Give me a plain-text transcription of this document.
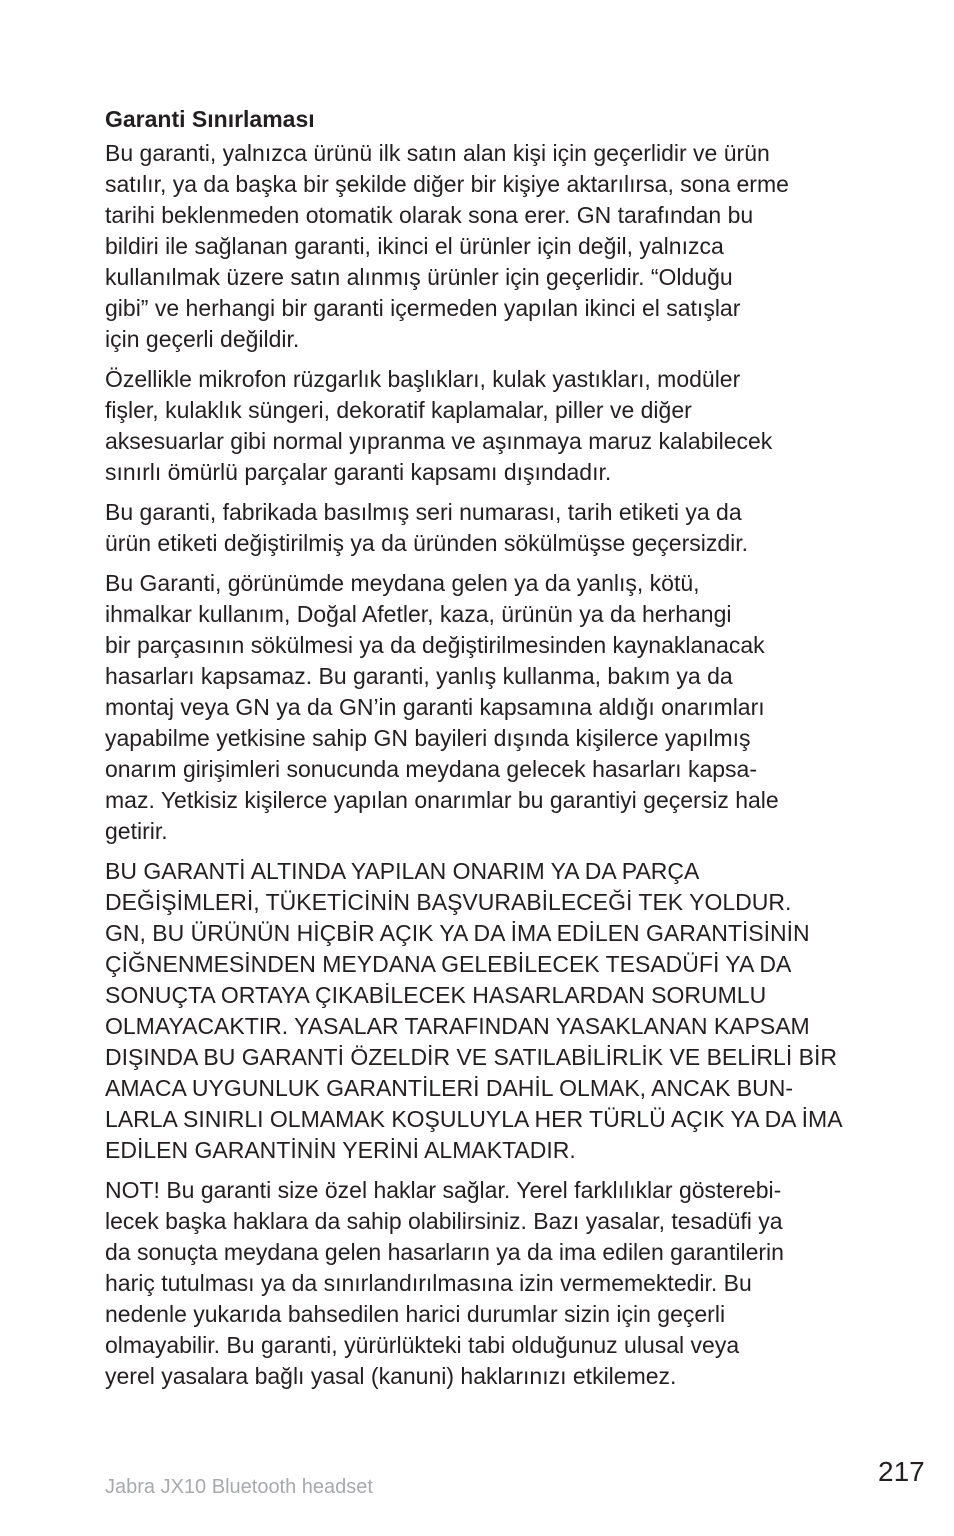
Garanti Sınırlaması
Bu garanti, yalnızca ürünü ilk satın alan kişi için geçerlidir ve ürün
satılır, ya da başka bir şekilde diğer bir kişiye aktarılırsa, sona erme
tarihi beklenmeden otomatik olarak sona erer. GN tarafından bu
bildiri ile sağlanan garanti, ikinci el ürünler için değil, yalnızca
kullanılmak üzere satın alınmış ürünler için geçerlidir. “Olduğu
gibi” ve herhangi bir garanti içermeden yapılan ikinci el satışlar
için geçerli değildir.
Özellikle mikrofon rüzgarlık başlıkları, kulak yastıkları, modüler
fişler, kulaklık süngeri, dekoratif kaplamalar, piller ve diğer
aksesuarlar gibi normal yıpranma ve aşınmaya maruz kalabilecek
sınırlı ömürlü parçalar garanti kapsamı dışındadır.
Bu garanti, fabrikada basılmış seri numarası, tarih etiketi ya da
ürün etiketi değiştirilmiş ya da üründen sökülmüşse geçersizdir.
Bu Garanti, görünümde meydana gelen ya da yanlış, kötü,
ihmalkar kullanım, Doğal Afetler, kaza, ürünün ya da herhangi
bir parçasının sökülmesi ya da değiştirilmesinden kaynaklanacak
hasarları kapsamaz. Bu garanti, yanlış kullanma, bakım ya da
montaj veya GN ya da GN’in garanti kapsamına aldığı onarımları
yapabilme yetkisine sahip GN bayileri dışında kişilerce yapılmış
onarım girişimleri sonucunda meydana gelecek hasarları kapsa-
maz. Yetkisiz kişilerce yapılan onarımlar bu garantiyi geçersiz hale
getirir.
BU GARANTİ ALTINDA YAPILAN ONARIM YA DA PARÇA
DEĞİŞİMLERİ, TÜKETİCİNİN BAŞVURABİLECEĞİ TEK YOLDUR.
GN, BU ÜRÜNÜN HİÇBİR AÇIK YA DA İMA EDİLEN GARANTİSİNİN
ÇİĞNENMESİNDEN MEYDANA GELEBİLECEK TESADÜFİ YA DA
SONUÇTA ORTAYA ÇIKABİLECEK HASARLARDAN SORUMLU
OLMAYACAKTIR. YASALAR TARAFINDAN YASAKLANAN KAPSAM
DIŞINDA BU GARANTİ ÖZELDİR VE SATILABİLİRLİK VE BELİRLİ BİR
AMACA UYGUNLUK GARANTİLERİ DAHİL OLMAK, ANCAK BUN-
LARLA SINIRLI OLMAMAK KOŞULUYLA HER TÜRLÜ AÇIK YA DA İMA
EDİLEN GARANTİNİN YERİNİ ALMAKTADIR.
NOT! Bu garanti size özel haklar sağlar. Yerel farklılıklar gösterebi-
lecek başka haklara da sahip olabilirsiniz. Bazı yasalar, tesadüfi ya
da sonuçta meydana gelen hasarların ya da ima edilen garantilerin
hariç tutulması ya da sınırlandırılmasına izin vermemektedir. Bu
nedenle yukarıda bahsedilen harici durumlar sizin için geçerli
olmayabilir. Bu garanti, yürürlükteki tabi olduğunuz ulusal veya
yerel yasalara bağlı yasal (kanuni) haklarınızı etkilemez.
Jabra JX10 Bluetooth headset	217
